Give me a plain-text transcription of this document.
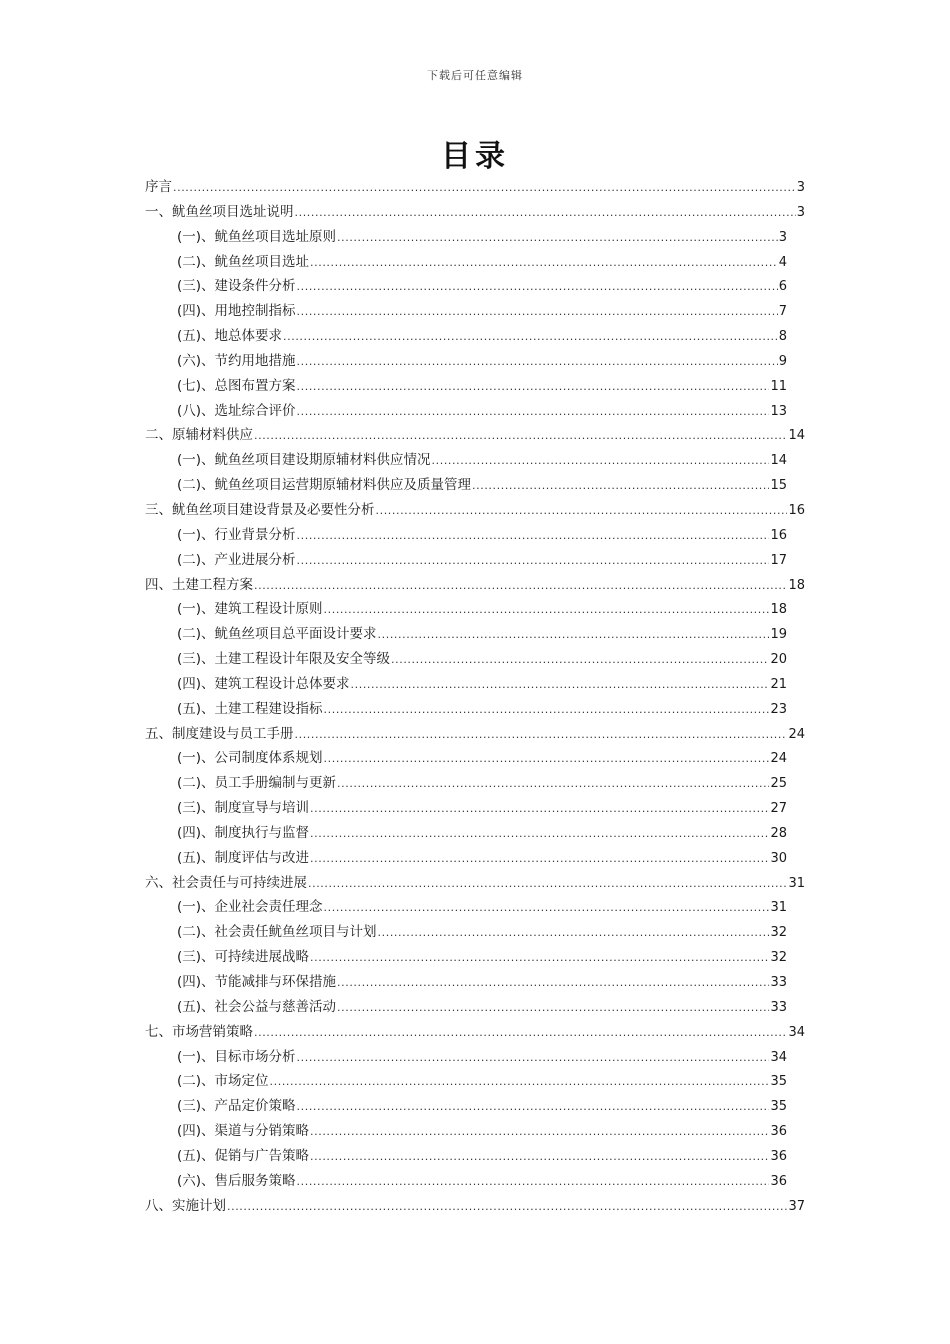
下载后可任意编辑
目录
序言 .....	3
一、鱿鱼丝项目选址说明 .....	3
(一)、鱿鱼丝项目选址原则 .....	3
(二)、鱿鱼丝项目选址 .....	4
(三)、建设条件分析 .....	6
(四)、用地控制指标 .....	7
(五)、地总体要求 .....	8
(六)、节约用地措施 .....	9
(七)、总图布置方案 .....	11
(八)、选址综合评价 .....	13
二、原辅材料供应 .....	14
(一)、鱿鱼丝项目建设期原辅材料供应情况 .....	14
(二)、鱿鱼丝项目运营期原辅材料供应及质量管理 .....	15
三、鱿鱼丝项目建设背景及必要性分析 .....	16
(一)、行业背景分析 .....	16
(二)、产业进展分析 .....	17
四、土建工程方案 .....	18
(一)、建筑工程设计原则 .....	18
(二)、鱿鱼丝项目总平面设计要求 .....	19
(三)、土建工程设计年限及安全等级 .....	20
(四)、建筑工程设计总体要求 .....	21
(五)、土建工程建设指标 .....	23
五、制度建设与员工手册 .....	24
(一)、公司制度体系规划 .....	24
(二)、员工手册编制与更新 .....	25
(三)、制度宣导与培训 .....	27
(四)、制度执行与监督 .....	28
(五)、制度评估与改进 .....	30
六、社会责任与可持续进展 .....	31
(一)、企业社会责任理念 .....	31
(二)、社会责任鱿鱼丝项目与计划 .....	32
(三)、可持续进展战略 .....	32
(四)、节能减排与环保措施 .....	33
(五)、社会公益与慈善活动 .....	33
七、市场营销策略 .....	34
(一)、目标市场分析 .....	34
(二)、市场定位 .....	35
(三)、产品定价策略 .....	35
(四)、渠道与分销策略 .....	36
(五)、促销与广告策略 .....	36
(六)、售后服务策略 .....	36
八、实施计划 .....	37
